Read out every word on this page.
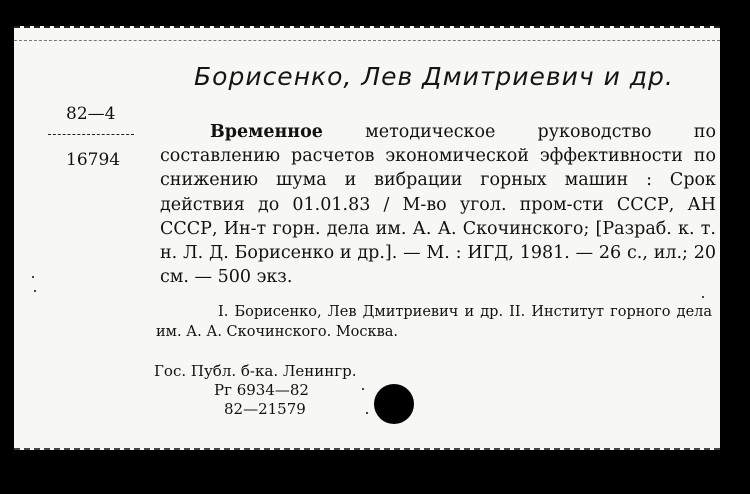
Борисенко, Лев Дмитриевич и др.
82—4
16794

Временное методическое руководство по составлению расчетов экономической эффективности по снижению шума и вибрации горных машин : Срок действия до 01.01.83 / М-во угол. пром-сти СССР, АН СССР, Ин-т горн. дела им. А. А. Скочинского; [Разраб. к. т. н. Л. Д. Борисенко и др.]. — М. : ИГД, 1981. — 26 с., ил.; 20 см. — 500 экз.

I. Борисенко, Лев Дмитриевич и др. II. Институт горного дела им. А. А. Скочинского. Москва.

Гос. Публ. б-ка. Ленингр.
Рг 6934—82
82—21579
